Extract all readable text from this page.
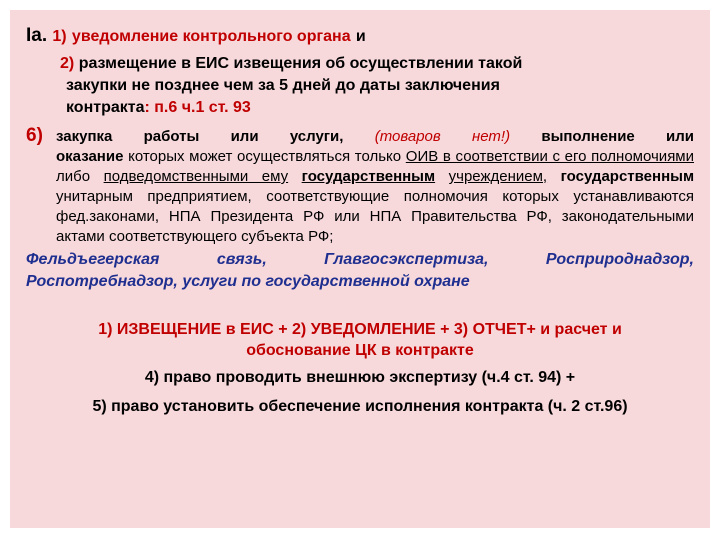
Iа. 1) уведомление контрольного органа и
2) размещение в ЕИС извещения об осуществлении такой
закупки не позднее чем за 5 дней до даты заключения
контракта: п.6 ч.1 ст. 93
6) закупка работы или услуги, (товаров нет!) выполнение или
оказание которых может осуществляться только ОИВ в соответствии с его полномочиями либо подведомственными ему государственным учреждением, государственным унитарным предприятием, соответствующие полномочия которых устанавливаются фед.законами, НПА Президента РФ или НПА Правительства РФ, законодательными актами соответствующего субъекта РФ;
Фельдъегерская связь, Главгосэкспертиза, Росприроднадзор,
Роспотребнадзор, услуги по государственной охране
1) ИЗВЕЩЕНИЕ в ЕИС + 2) УВЕДОМЛЕНИЕ + 3) ОТЧЕТ+ и расчет и
обоснование ЦК в контракте
4) право проводить внешнюю экспертизу (ч.4 ст. 94) +
5) право установить обеспечение исполнения контракта (ч. 2 ст.96)
